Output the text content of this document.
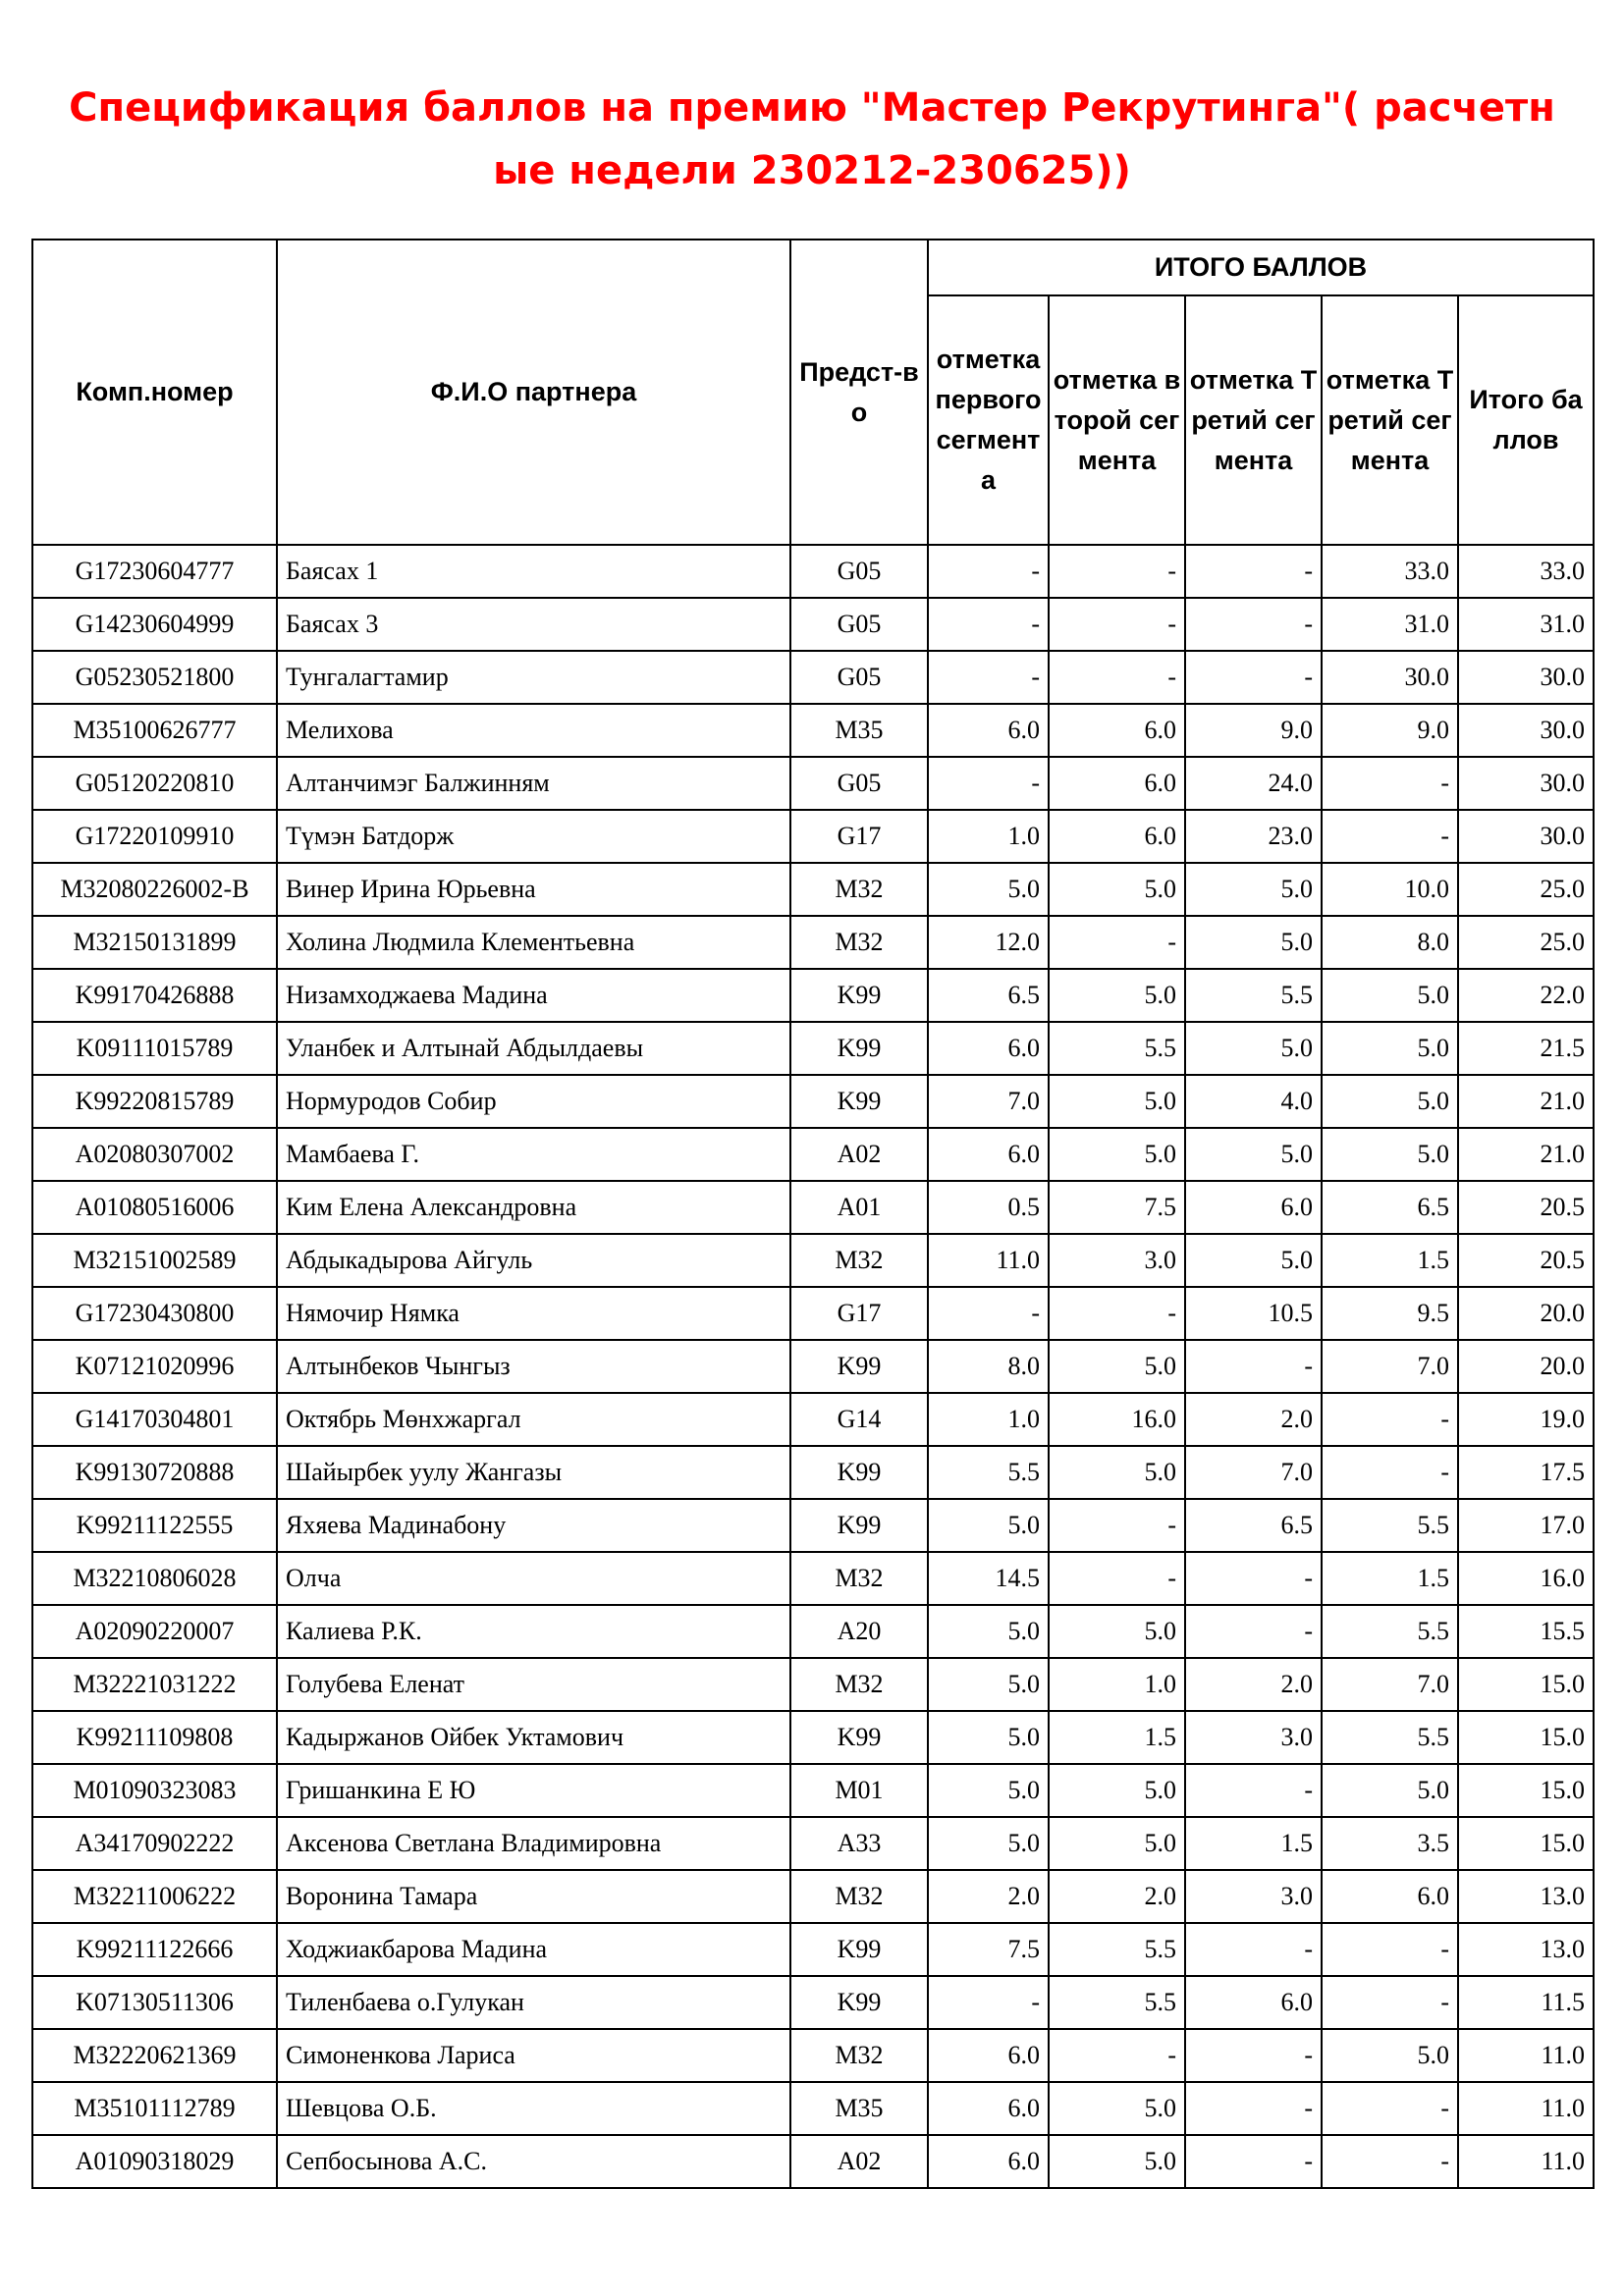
Спецификация баллов на премию "Мастер Рекрутинга"( расчетн
ые недели 230212-230625))
Комп.номер	Ф.И.О партнера	Предст-во	ИТОГО БАЛЛОВ				
			отметка первого сегмента	отметка второй сегмента	отметка Третий сегмента	отметка Третий сегмента	Итого баллов
G17230604777	Баясах 1	G05	-	-	-	33.0	33.0
G14230604999	Баясах 3	G05	-	-	-	31.0	31.0
G05230521800	Тунгалагтамир	G05	-	-	-	30.0	30.0
M35100626777	Мелихова	M35	6.0	6.0	9.0	9.0	30.0
G05120220810	Алтанчимэг Балжинням	G05	-	6.0	24.0	-	30.0
G17220109910	Түмэн Батдорж	G17	1.0	6.0	23.0	-	30.0
M32080226002-B	Винер Ирина Юрьевна	M32	5.0	5.0	5.0	10.0	25.0
M32150131899	Холина Людмила Клементьевна	M32	12.0	-	5.0	8.0	25.0
K99170426888	Низамходжаева Мадина	K99	6.5	5.0	5.5	5.0	22.0
K09111015789	Уланбек и Алтынай Абдылдаевы	K99	6.0	5.5	5.0	5.0	21.5
K99220815789	Нормуродов Собир	K99	7.0	5.0	4.0	5.0	21.0
A02080307002	Мамбаева Г.	A02	6.0	5.0	5.0	5.0	21.0
A01080516006	Ким Елена Александровна	A01	0.5	7.5	6.0	6.5	20.5
M32151002589	Абдыкадырова Айгуль	M32	11.0	3.0	5.0	1.5	20.5
G17230430800	Нямочир Нямка	G17	-	-	10.5	9.5	20.0
K07121020996	Алтынбеков Чынгыз	K99	8.0	5.0	-	7.0	20.0
G14170304801	Октябрь Мөнхжаргал	G14	1.0	16.0	2.0	-	19.0
K99130720888	Шайырбек уулу Жангазы	K99	5.5	5.0	7.0	-	17.5
K99211122555	Яхяева Мадинабону	K99	5.0	-	6.5	5.5	17.0
M32210806028	Олча	M32	14.5	-	-	1.5	16.0
A02090220007	Калиева Р.К.	A20	5.0	5.0	-	5.5	15.5
M32221031222	Голубева Еленат	M32	5.0	1.0	2.0	7.0	15.0
K99211109808	Кадыржанов Ойбек Уктамович	K99	5.0	1.5	3.0	5.5	15.0
M01090323083	Гришанкина Е Ю	M01	5.0	5.0	-	5.0	15.0
A34170902222	Аксенова Светлана Владимировна	A33	5.0	5.0	1.5	3.5	15.0
M32211006222	Воронина Тамара	M32	2.0	2.0	3.0	6.0	13.0
K99211122666	Ходжиакбарова Мадина	K99	7.5	5.5	-	-	13.0
K07130511306	Тиленбаева о.Гулукан	K99	-	5.5	6.0	-	11.5
M32220621369	Симоненкова Лариса	M32	6.0	-	-	5.0	11.0
M35101112789	Шевцова О.Б.	M35	6.0	5.0	-	-	11.0
A01090318029	Сепбосынова А.С.	A02	6.0	5.0	-	-	11.0
